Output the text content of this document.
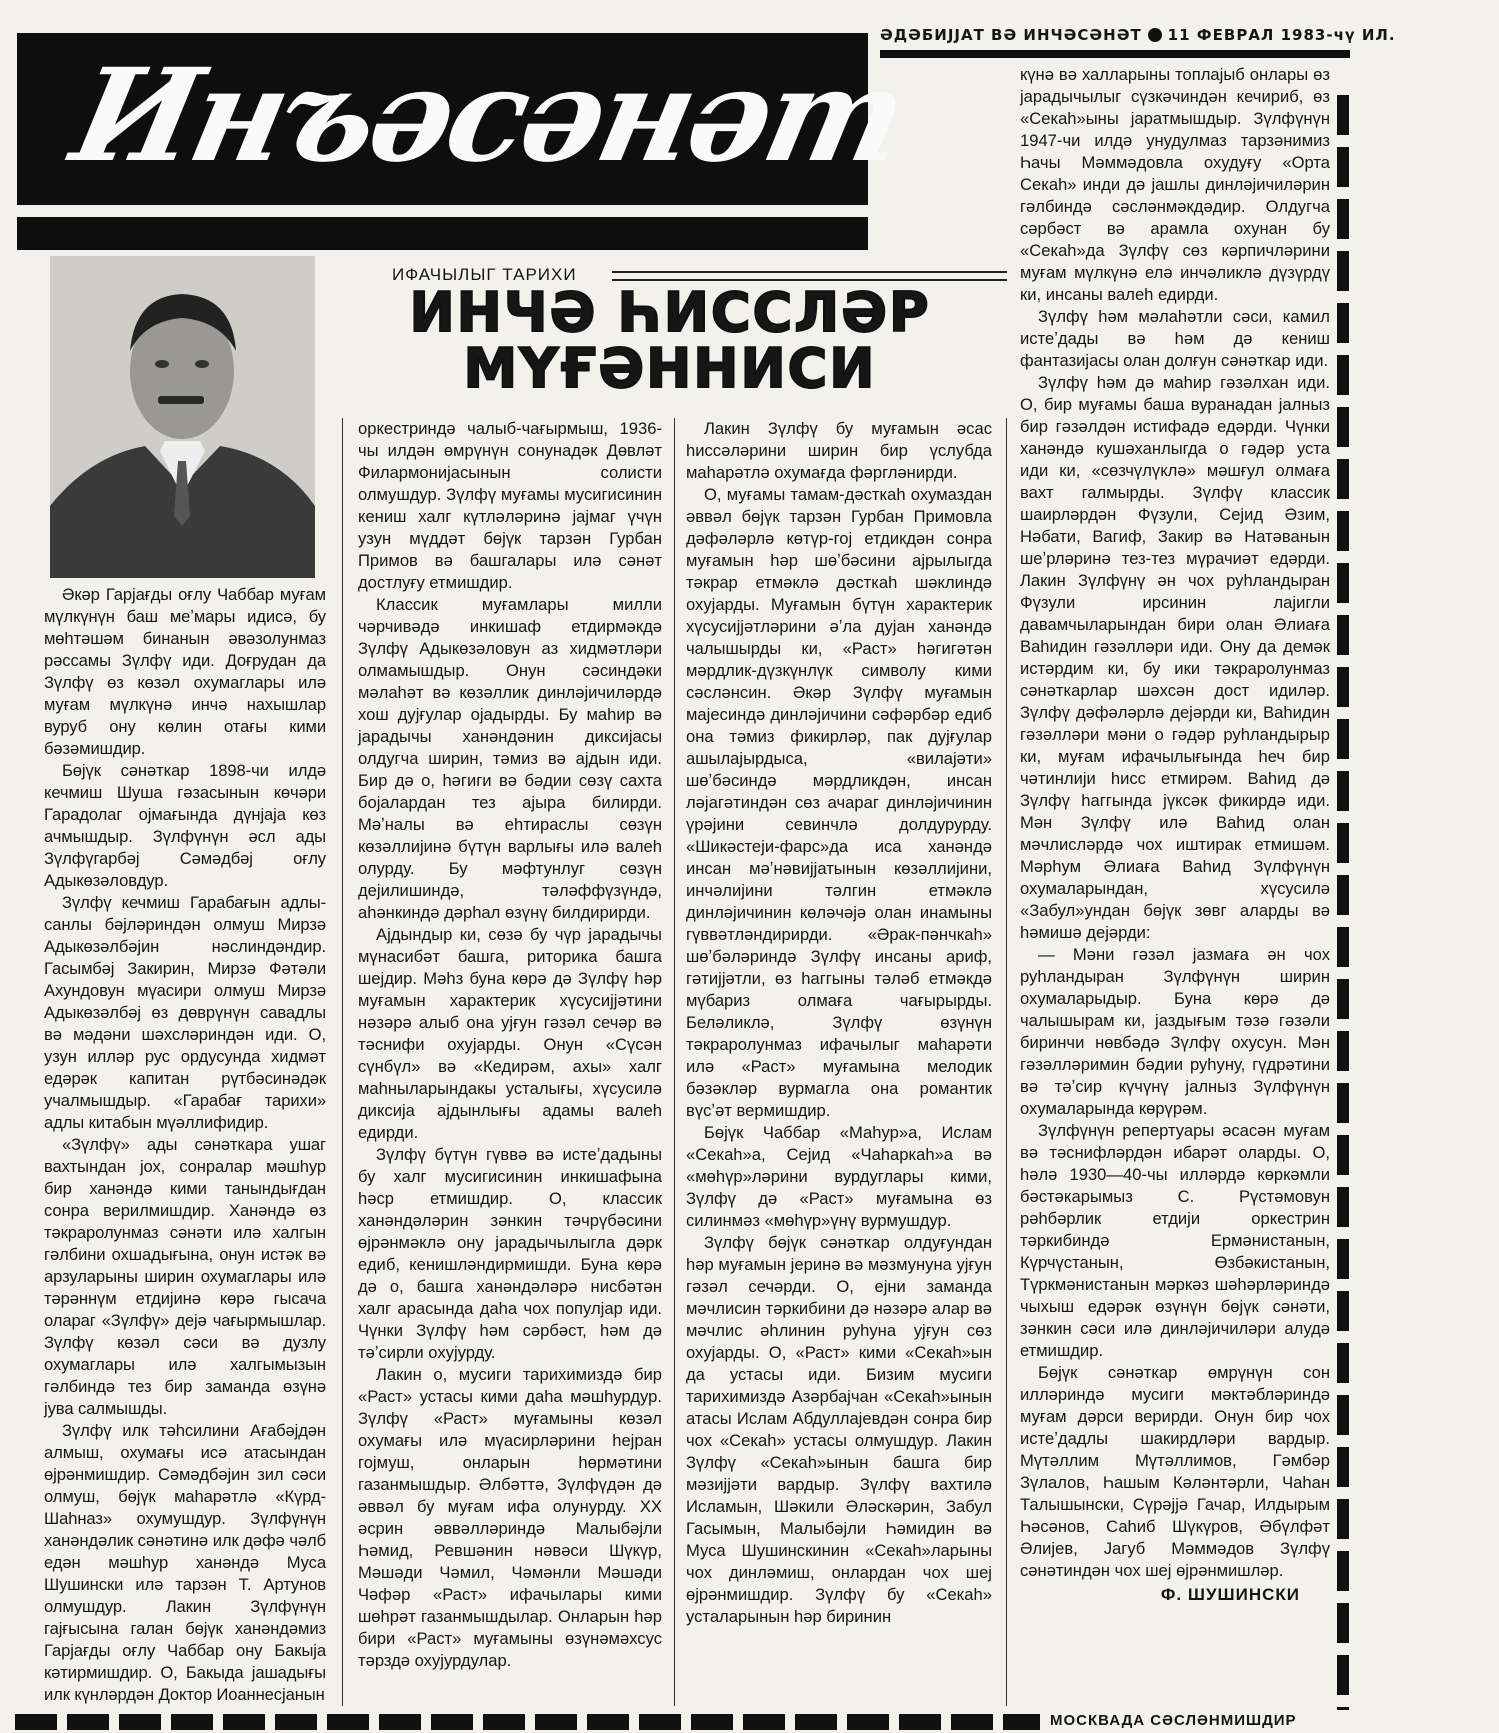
ӘДӘБИЈЈАТ ВӘ ИНЧӘСӘНӘТ 11 ФЕВРАЛ 1983-чү ИЛ.
Инъәсәнәт
ИФАЧЫЛЫГ ТАРИХИ
ИНЧӘ ҺИССЛӘР
МҮҒӘННИСИ

Әкәр Гарјағды оғлу Чаббар муғам мүлкүнүн баш меʼмары идисә, бу мөһтәшәм бинанын әвәзолунмаз рәссамы Зүлфү иди. Доғрудан да Зүлфү өз көзәл охумаглары илә муғам мүлкүнә инчә нахышлар вуруб ону көлин отағы кими бәзәмишдир.

Бөјүк сәнәткар 1898-чи илдә кечмиш Шуша гәзасынын көчәри Гарадолаг оjмағында дүнјаја көз ачмышдыр. Зүлфүнүн әсл ады Зүлфүгарбәј Сәмәдбәј оғлу Адыкөзәловдур.

Зүлфү кечмиш Гарабағын адлы-санлы бәјләриндән олмуш Мирзә Адыкөзәлбәјин нәслиндәндир. Гасымбәј Закирин, Мирзә Фәтәли Ахундовун мүасири олмуш Мирзә Адыкөзәлбәј өз дөврүнүн савадлы вә мәдәни шәхсләриндән иди. О, узун илләр рус ордусунда хидмәт едәрәк капитан рүтбәсинәдәк учалмышдыр. «Гарабағ тарихи» адлы китабын мүәллифидир.

«Зүлфү» ады сәнәткара ушаг вахтындан јох, сонралар мәшһур бир ханәндә кими танындығдан сонра верилмишдир. Ханәндә өз тәкраролунмаз сәнәти илә халгын гәлбини охшадығына, онун истәк вә арзуларыны ширин охумаглары илә тәрәннүм етдијинә көрә гысача олараг «Зүлфү» дејә чағырмышлар. Зүлфү көзәл сәси вә дузлу охумаглары илә халгымызын гәлбиндә тез бир заманда өзүнә јува салмышды.

Зүлфү илк тәһсилини Ағабәјдән алмыш, охумағы исә атасындан өјрәнмишдир. Сәмәдбәјин зил сәси олмуш, бөјүк маһарәтлә «Күрд-Шаһназ» охумушдур. Зүлфүнүн ханәндәлик сәнәтинә илк дәфә чәлб едән мәшһур ханәндә Муса Шушински илә тарзән Т. Артунов олмушдур. Лакин Зүлфүнүн гајғысына галан бөјүк ханәндәмиз Гарјағды оғлу Чаббар ону Бакыја кәтирмишдир. О, Бакыда јашадығы илк күнләрдән Доктор Иоаннесјанын

оркестриндә чалыб-чағырмыш, 1936-чы илдән өмрүнүн сонунадәк Дөвләт Филармонијасынын солисти олмушдур. Зүлфү муғамы мусигисинин кениш халг күтләләринә јајмаг үчүн узун мүддәт бөјүк тарзән Гурбан Примов вә башгалары илә сәнәт достлуғу етмишдир.

Классик муғамлары милли чәрчивәдә инкишаф етдирмәкдә Зүлфү Адыкөзәловун аз хидмәтләри олмамышдыр. Онун сәсиндәки мәлаһәт вә көзәллик динләјичиләрдә хош дујғулар ојадырды. Бу маһир вә јарадычы ханәндәнин диксијасы олдугча ширин, тәмиз вә ајдын иди. Бир дә о, һәгиги вә бәдии сөзү сахта бојалардан тез ајыра билирди. Мәʼналы вә еһтираслы сөзүн көзәллијинә бүтүн варлығы илә валеһ олурду. Бу мәфтунлуг сөзүн дејилишиндә, тәләффүзүндә, аһәнкиндә дәрһал өзүнү билдирирди.

Ајдындыр ки, сөзә бу чүр јарадычы мүнасибәт башга, риторика башга шејдир. Мәһз буна көрә дә Зүлфү һәр муғамын характерик хүсусијјәтини нәзәрә алыб она ујғун гәзәл сечәр вә тәснифи охујарды. Онун «Сүсән сүнбүл» вә «Кедирәм, ахы» халг маһныларындакы усталығы, хүсусилә диксија ајдынлығы адамы валеһ едирди.

Зүлфү бүтүн гүввә вә истеʼдадыны бу халг мусигисинин инкишафына һәср етмишдир. О, классик ханәндәләрин зәнкин тәчрүбәсини өјрәнмәклә ону јарадычылыгла дәрк едиб, кенишләндирмишди. Буна көрә дә о, башга ханәндәләрә нисбәтән халг арасында даһа чох популјар иди. Чүнки Зүлфү һәм сәрбәст, һәм дә тәʼсирли охујурду.

Лакин о, мусиги тарихимиздә бир «Раст» устасы кими даһа мәшһурдур. Зүлфү «Раст» муғамыны көзәл охумағы илә мүасирләрини һејран гојмуш, онларын һөрмәтини газанмышдыр. Әлбәттә, Зүлфүдән дә әввәл бу муғам ифа олунурду. XX әсрин әввәлләриндә Малыбәјли Һәмид, Ревшәнин нәвәси Шүкүр, Мәшәди Чәмил, Чәмәнли Мәшәди Чәфәр «Раст» ифачылары кими шөһрәт газанмышдылар. Онларын һәр бири «Раст» муғамыны өзүнәмәхсус тәрздә охујурдулар.

Лакин Зүлфү бу муғамын әсас һиссәләрини ширин бир үслубда маһарәтлә охумағда фәргләнирди.

О, муғамы тамам-дәсткаһ охумаздан әввәл бөјүк тарзән Гурбан Примовла дәфәләрлә көтүр-гој етдикдән сонра муғамын һәр шөʼбәсини ајрылыгда тәкрар етмәклә дәсткаһ шәклиндә охујарды. Муғамын бүтүн характерик хүсусијјәтләрини әʼла дујан ханәндә чалышырды ки, «Раст» һәгигәтән мәрдлик-дүзкүнлүк символу кими сәсләнсин. Әкәр Зүлфү муғамын мајесиндә динләјичини сәфәрбәр едиб она тәмиз фикирләр, пак дујғулар ашылајырдыса, «вилајәти» шөʼбәсиндә мәрдликдән, инсан ләјагәтиндән сөз ачараг динләјичинин үрәјини севинчлә долдурурду. «Шикәстеји-фарс»да иса ханәндә инсан мәʼнәвијјатынын көзәллијини, инчәлијини тәлгин етмәклә динләјичинин көләчәјә олан инамыны гүввәтләндирирди. «Әрак-пәнчкаһ» шөʼбәләриндә Зүлфү инсаны ариф, гәтијјәтли, өз һаггыны тәләб етмәкдә мүбариз олмаға чағырырды. Беләликлә, Зүлфү өзүнүн тәкраролунмаз ифачылыг маһарәти илә «Раст» муғамына мелодик бәзәкләр вурмагла она романтик вүсʼәт вермишдир.

Бөјүк Чаббар «Маһур»а, Ислам «Секаһ»а, Сејид «Чаһаркаһ»а вә «мөһүр»ләрини вурдуглары кими, Зүлфү дә «Раст» муғамына өз силинмәз «мөһүр»үнү вурмушдур.

Зүлфү бөјүк сәнәткар олдуғундан һәр муғамын јеринә вә мәзмунуна ујғун гәзәл сечәрди. О, ејни заманда мәчлисин тәркибини дә нәзәрә алар вә мәчлис әһлинин руһуна ујғун сөз охујарды. О, «Раст» кими «Секаһ»ын да устасы иди. Бизим мусиги тарихимиздә Азәрбајчан «Секаһ»ынын атасы Ислам Абдуллајевдән сонра бир чох «Секаһ» устасы олмушдур. Лакин Зүлфү «Секаһ»ынын башга бир мәзијјәти вардыр. Зүлфү вахтилә Исламын, Шәкили Әләскәрин, Забул Гасымын, Малыбәјли Һәмидин вә Муса Шушинскинин «Секаһ»ларыны чох динләмиш, онлардан чох шеј өјрәнмишдир. Зүлфү бу «Секаһ» усталарынын һәр биринин

күнә вә халларыны топлајыб онлары өз јарадычылыг сүзкәчиндән кечириб, өз «Секаһ»ыны јаратмышдыр. Зүлфүнүн 1947-чи илдә унудулмаз тарзәнимиз Һачы Мәммәдовла охудуғу «Орта Секаһ» инди дә јашлы динләјичиләрин гәлбиндә сәсләнмәкдәдир. Олдугча сәрбәст вә арамла охунан бу «Секаһ»да Зүлфү сөз кәрпичләрини муғам мүлкүнә елә инчәликлә дүзүрдү ки, инсаны валеһ едирди.

Зүлфү һәм мәлаһәтли сәси, камил истеʼдады вә һәм дә кениш фантазијасы олан долғун сәнәткар иди.

Зүлфү һәм дә маһир гәзәлхан иди. О, бир муғамы баша вуранадан јалныз бир гәзәлдән истифадә едәрди. Чүнки ханәндә кушәханлыгда о гәдәр уста иди ки, «сөзчүлүклә» мәшғул олмаға вахт галмырды. Зүлфү классик шаирләрдән Фүзули, Сејид Әзим, Нәбати, Вагиф, Закир вә Натәванын шеʼрләринә тез-тез мүрачиәт едәрди. Лакин Зүлфүнү ән чох руһландыран Фүзули ирсинин лајигли давамчыларындан бири олан Әлиаға Ваһидин гәзәлләри иди. Ону да демәк истәрдим ки, бу ики тәкраролунмаз сәнәткарлар шәхсән дост идиләр. Зүлфү дәфәләрлә дејәрди ки, Ваһидин гәзәлләри мәни о гәдәр руһландырыр ки, муғам ифачылығында һеч бир чәтинлији һисс етмирәм. Ваһид дә Зүлфү һаггында јүксәк фикирдә иди. Мән Зүлфү илә Ваһид олан мәчлисләрдә чох иштирак етмишәм. Мәрһум Әлиаға Ваһид Зүлфүнүн охумаларындан, хүсусилә «Забул»ундан бөјүк зөвг аларды вә һәмишә дејәрди:

— Мәни гәзәл јазмаға ән чох руһландыран Зүлфүнүн ширин охумаларыдыр. Буна көрә дә чалышырам ки, јаздығым тәзә гәзәли биринчи нөвбәдә Зүлфү охусун. Мән гәзәлләримин бәдии руһуну, гүдрәтини вә тәʼсир күчүнү јалныз Зүлфүнүн охумаларында көрүрәм.

Зүлфүнүн репертуары әсасән муғам вә тәснифләрдән ибарәт оларды. О, һәлә 1930—40-чы илләрдә көркәмли бәстәкарымыз С. Рүстәмовун рәһбәрлик етдији оркестрин тәркибиндә Ермәнистанын, Күрчүстанын, Өзбәкистанын, Түркмәнистанын мәркәз шәһәрләриндә чыхыш едәрәк өзүнүн бөјүк сәнәти, зәнкин сәси илә динләјичиләри алудә етмишдир.

Бөјүк сәнәткар өмрүнүн сон илләриндә мусиги мәктәбләриндә муғам дәрси верирди. Онун бир чох истеʼдадлы шакирдләри вардыр. Мүтәллим Мүтәллимов, Гәмбәр Зүлалов, Һашым Кәләнтәрли, Чаһан Талышынски, Сүрәјјә Гачар, Илдырым Һәсәнов, Саһиб Шүкүров, Әбүлфәт Әлијев, Јагуб Мәммәдов Зүлфү сәнәтиндән чох шеј өјрәнмишләр.

Ф. ШУШИНСКИ
МОСКВАДА СӘСЛӘНМИШДИР
